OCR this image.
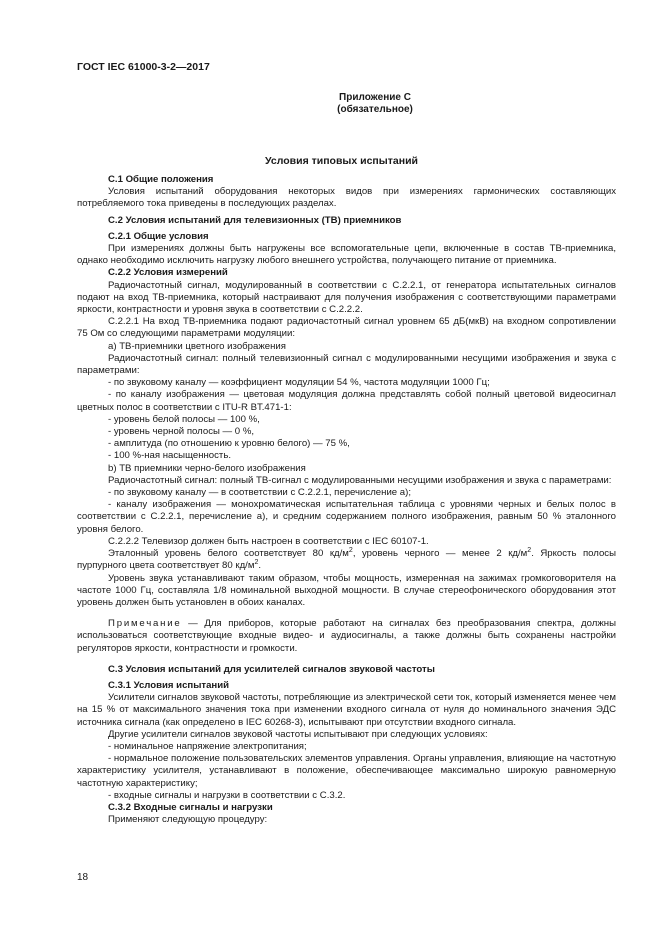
ГОСТ IEC 61000-3-2—2017
Приложение С
(обязательное)
Условия типовых испытаний

С.1 Общие положения

Условия испытаний оборудования некоторых видов при измерениях гармонических составляющих потребляемого тока приведены в последующих разделах.

С.2 Условия испытаний для телевизионных (ТВ) приемников

С.2.1 Общие условия

При измерениях должны быть нагружены все вспомогательные цепи, включенные в состав ТВ-приемника, однако необходимо исключить нагрузку любого внешнего устройства, получающего питание от приемника.

С.2.2 Условия измерений

Радиочастотный сигнал, модулированный в соответствии с С.2.2.1, от генератора испытательных сигналов подают на вход ТВ-приемника, который настраивают для получения изображения с соответствующими параметрами яркости, контрастности и уровня звука в соответствии с С.2.2.2.

С.2.2.1 На вход ТВ-приемника подают радиочастотный сигнал уровнем 65 дБ(мкВ) на входном сопротивлении 75 Ом со следующими параметрами модуляции:

а) ТВ-приемники цветного изображения

Радиочастотный сигнал: полный телевизионный сигнал с модулированными несущими изображения и звука с параметрами:

- по звуковому каналу — коэффициент модуляции 54 %, частота модуляции 1000 Гц;

- по каналу изображения — цветовая модуляция должна представлять собой полный цветовой видеосигнал цветных полос в соответствии с ITU-R BT.471-1:

- уровень белой полосы — 100 %,

- уровень черной полосы — 0 %,

- амплитуда (по отношению к уровню белого) — 75 %,

- 100 %-ная насыщенность.

b) ТВ приемники черно-белого изображения

Радиочастотный сигнал: полный ТВ-сигнал с модулированными несущими изображения и звука с параметрами:

- по звуковому каналу — в соответствии с С.2.2.1, перечисление а);

- каналу изображения — монохроматическая испытательная таблица с уровнями черных и белых полос в соответствии с С.2.2.1, перечисление а), и средним содержанием полного изображения, равным 50 % эталонного уровня белого.

С.2.2.2 Телевизор должен быть настроен в соответствии с IEC 60107-1.

Эталонный уровень белого соответствует 80 $кд/м^2$, уровень черного — менее 2 $кд/м^2$. Яркость полосы пурпурного цвета соответствует 80 $кд/м^2$.

Уровень звука устанавливают таким образом, чтобы мощность, измеренная на зажимах громкоговорителя на частоте 1000 Гц, составляла 1/8 номинальной выходной мощности. В случае стереофонического оборудования этот уровень должен быть установлен в обоих каналах.

Примечание — Для приборов, которые работают на сигналах без преобразования спектра, должны использоваться соответствующие входные видео- и аудиосигналы, а также должны быть сохранены настройки регуляторов яркости, контрастности и громкости.

С.3 Условия испытаний для усилителей сигналов звуковой частоты

С.3.1 Условия испытаний

Усилители сигналов звуковой частоты, потребляющие из электрической сети ток, который изменяется менее чем на 15 % от максимального значения тока при изменении входного сигнала от нуля до номинального значения ЭДС источника сигнала (как определено в IEC 60268-3), испытывают при отсутствии входного сигнала.

Другие усилители сигналов звуковой частоты испытывают при следующих условиях:

- номинальное напряжение электропитания;

- нормальное положение пользовательских элементов управления. Органы управления, влияющие на частотную характеристику усилителя, устанавливают в положение, обеспечивающее максимально широкую равномерную частотную характеристику;

- входные сигналы и нагрузки в соответствии с С.3.2.

С.3.2 Входные сигналы и нагрузки

Применяют следующую процедуру:

18
